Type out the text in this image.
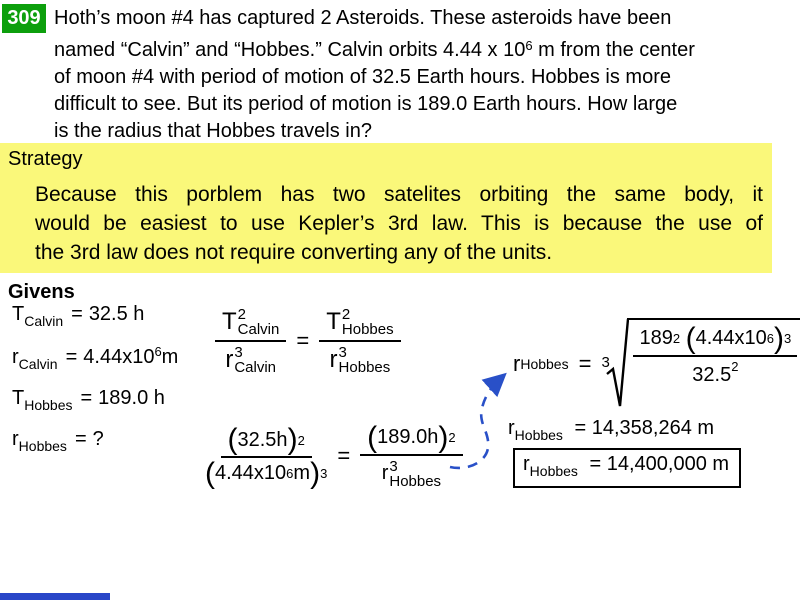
309 Hoth’s moon #4 has captured 2 Asteroids. These asteroids have been
named “Calvin” and “Hobbes.” Calvin orbits 4.44 x $10^6$ m from the center
of moon #4 with period of motion of 32.5 Earth hours. Hobbes is more
difficult to see. But its period of motion is 189.0 Earth hours. How large
is the radius that Hobbes travels in?
Strategy
Because this porblem has two satelites orbiting the same body, it
would be easiest to use Kepler’s 3rd law. This is because the use of
the 3rd law does not require converting any of the units.
Givens
$T_{Calvin} = 32.5$ h
$r_{Calvin} = 4.44x10^6m$
$T_{Hobbes} = 189.0$ h
$r_{Hobbes}$ = ?
T 2
Calvin
r 3
Calvin = T 2
Hobbes
r 3
Hobbes
$\frac{( 32.5h ) 2}{( 4.44x10 6 m ) 3}$ = ( 189.0h ) 2
r 3
Hobbes
r Hobbes = 3 189 2
( 4.44x10 6 ) 3
32.5$^2$
$r_{Hobbes} = 14,358,264$ m
$r_{Hobbes} = 14,400,000$ m
